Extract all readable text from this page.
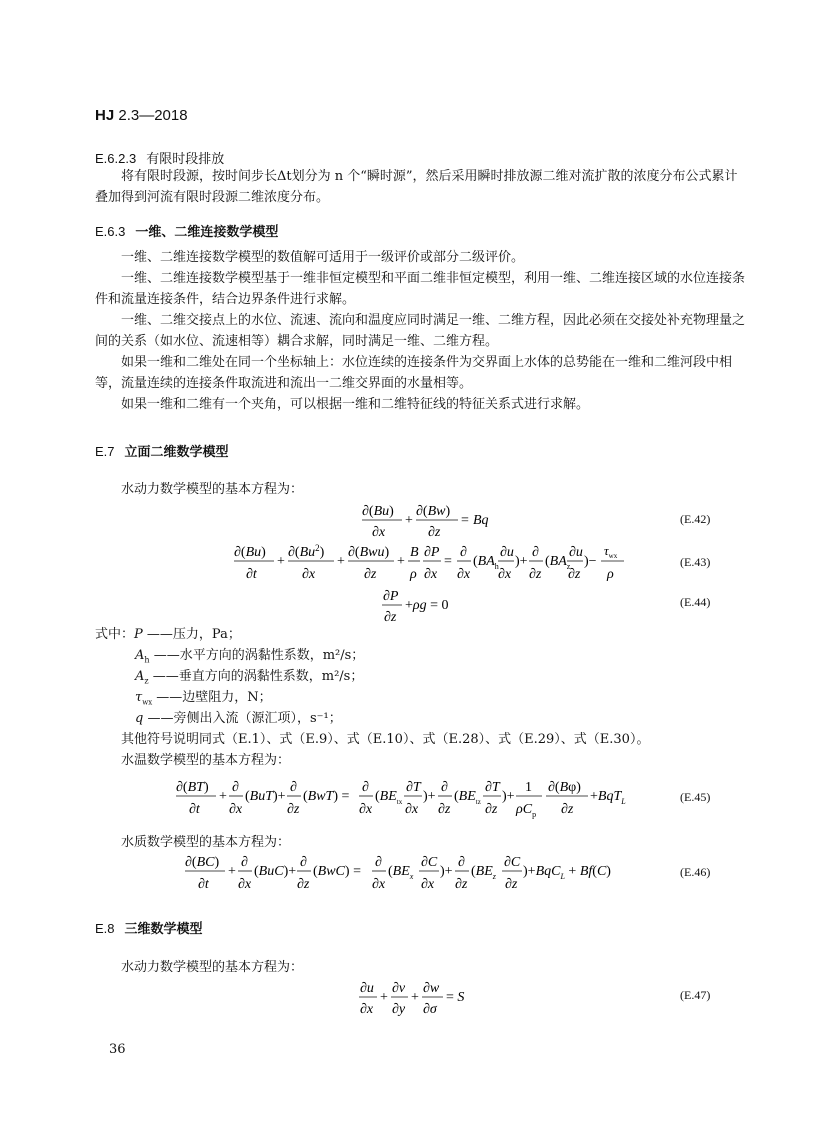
HJ 2.3—2018
E.6.2.3 有限时段排放
将有限时段源，按时间步长Δt划分为 n 个“瞬时源”，然后采用瞬时排放源二维对流扩散的浓度分布公式累计叠加得到河流有限时段源二维浓度分布。
E.6.3 一维、二维连接数学模型
一维、二维连接数学模型的数值解可适用于一级评价或部分二级评价。
一维、二维连接数学模型基于一维非恒定模型和平面二维非恒定模型，利用一维、二维连接区域的水位连接条件和流量连接条件，结合边界条件进行求解。
一维、二维交接点上的水位、流速、流向和温度应同时满足一维、二维方程，因此必须在交接处补充物理量之间的关系（如水位、流速相等）耦合求解，同时满足一维、二维方程。
如果一维和二维处在同一个坐标轴上：水位连续的连接条件为交界面上水体的总势能在一维和二维河段中相等，流量连续的连接条件取流进和流出一二维交界面的水量相等。
如果一维和二维有一个夹角，可以根据一维和二维特征线的特征关系式进行求解。
E.7 立面二维数学模型
水动力数学模型的基本方程为：
∂(Bu)
∂x
+
∂(Bw)
∂z
= Bq	(E.42)
∂(Bu)
∂t
+
$\partial(Bu^2)$
∂x
+
∂(Bwu)
∂z
+
B
ρ
∂P
∂x
=
∂
∂x
($BA_h$
∂u
∂x
)+
∂
∂z
($BA_z$
∂u
∂z
)−
$\tau_{wx}$
ρ
(E.43)
∂P
∂z
+ρg = 0	(E.44)
式中：P ——压力，Pa；
$A_h$ ——水平方向的涡黏性系数，m²/s；
$A_z$ ——垂直方向的涡黏性系数，m²/s；
$\tau_{wx}$ ——边壁阻力，N；
q ——旁侧出入流（源汇项），s⁻¹；
其他符号说明同式（E.1）、式（E.9）、式（E.10）、式（E.28）、式（E.29）、式（E.30）。
水温数学模型的基本方程为：
∂(BT)
∂t
+
∂
∂x
(BuT)+
∂
∂z
(BwT) =
∂
∂x
($BE_{tx}$
∂T
∂x
)+
∂
∂z
($BE_{tz}$
∂T
∂z
)+
1
$\rho C_p$
∂(Bφ)
∂z
+BqT$_L$	(E.45)
水质数学模型的基本方程为：
∂(BC)
∂t
+
∂
∂x
(BuC)+
∂
∂z
(BwC) =
∂
∂x
($BE_x$
∂C
∂x
)+
∂
∂z
($BE_z$
∂C
∂z
)+BqC$_L$ + Bf(C)	(E.46)
E.8 三维数学模型
水动力数学模型的基本方程为：
∂u
∂x
+
∂v
∂y
+
∂w
∂σ
= S	(E.47)
36
